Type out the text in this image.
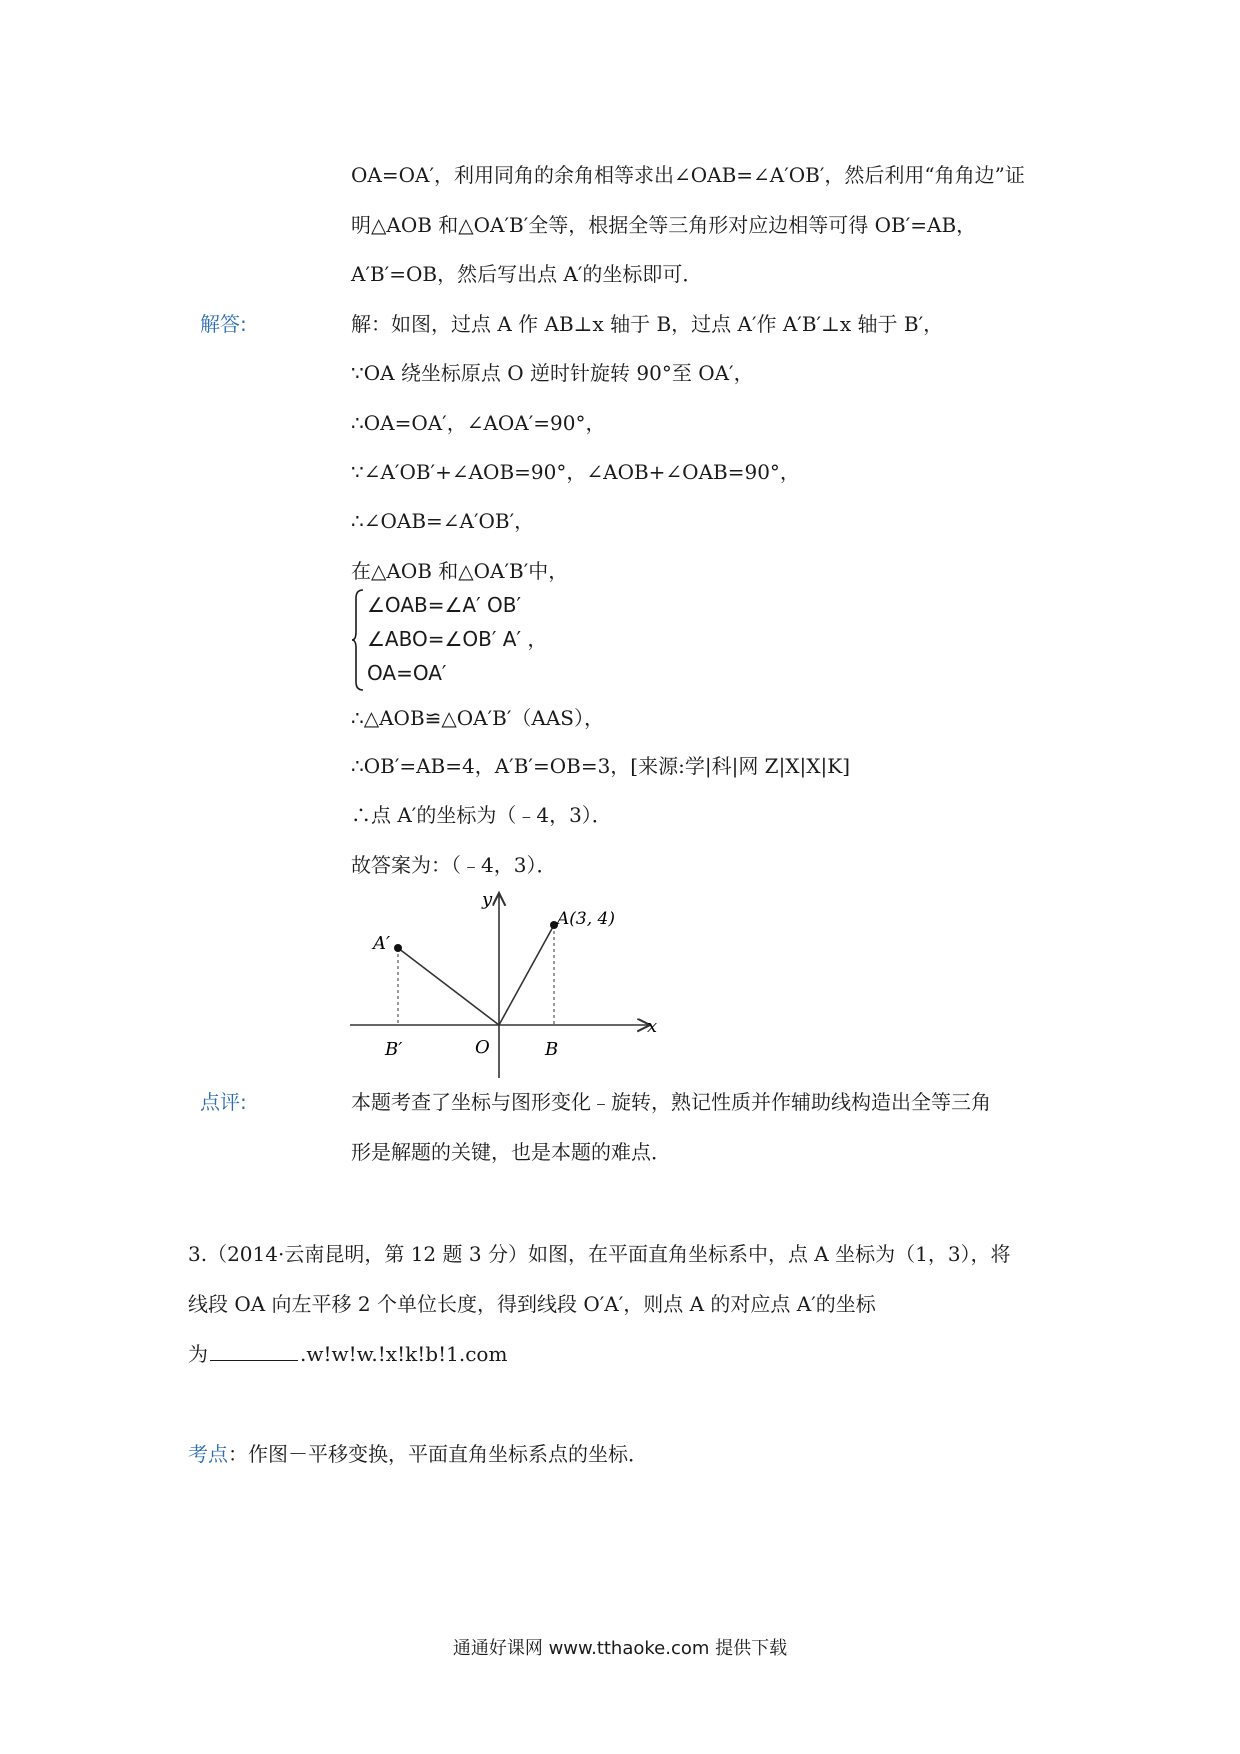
OA=OA′，利用同角的余角相等求出∠OAB=∠A′OB′，然后利用“角角边”证
明△AOB 和△OA′B′全等，根据全等三角形对应边相等可得 OB′=AB，
A′B′=OB，然后写出点 A′的坐标即可．
解答:	解：如图，过点 A 作 AB⊥x 轴于 B，过点 A′作 A′B′⊥x 轴于 B′，
∵OA 绕坐标原点 O 逆时针旋转 90°至 OA′，
∴OA=OA′，∠AOA′=90°，
∵∠A′OB′+∠AOB=90°，∠AOB+∠OAB=90°，
∴∠OAB=∠A′OB′，
在△AOB 和△OA′B′中，
∠OAB=∠A′ OB′
∠ABO=∠OB′ A′ ，
OA=OA′
∴△AOB≌△OA′B′（AAS），
∴OB′=AB=4，A′B′=OB=3，[来源:学|科|网 Z|X|X|K]
∴点 A′的坐标为（﹣4，3）．
故答案为：（﹣4，3）．
y
x
A(3, 4)
A′
O	B
B′
点评:	本题考查了坐标与图形变化﹣旋转，熟记性质并作辅助线构造出全等三角
形是解题的关键，也是本题的难点．
3.（2014·云南昆明，第 12 题 3 分）如图，在平面直角坐标系中，点 A 坐标为（1，3），将
线段 OA 向左平移 2 个单位长度，得到线段 O′A′，则点 A 的对应点 A′的坐标
为	.w!w!w.!x!k!b!1.com
考点：作图－平移变换，平面直角坐标系点的坐标．
通通好课网 www.tthaoke.com 提供下载
